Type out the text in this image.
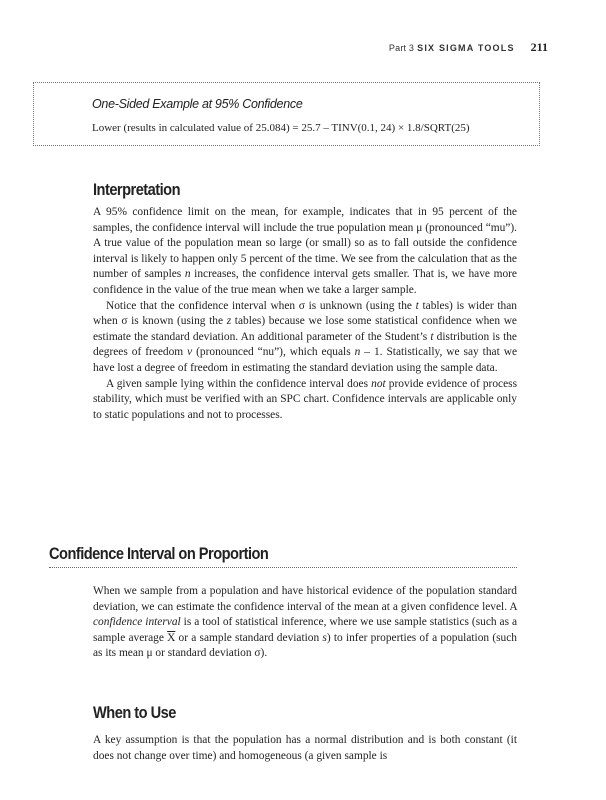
Part 3 SIX SIGMA TOOLS 211
One-Sided Example at 95% Confidence
Lower (results in calculated value of 25.084) = 25.7 – TINV(0.1, 24) × 1.8/SQRT(25)
Interpretation

A 95% confidence limit on the mean, for example, indicates that in 95 percent of the samples, the confidence interval will include the true population mean μ (pronounced “mu”). A true value of the population mean so large (or small) so as to fall outside the confidence interval is likely to happen only 5 percent of the time. We see from the calculation that as the number of samples n increases, the confidence interval gets smaller. That is, we have more confidence in the value of the true mean when we take a larger sample.

Notice that the confidence interval when σ is unknown (using the t tables) is wider than when σ is known (using the z tables) because we lose some statistical confidence when we estimate the standard deviation. An additional parameter of the Student’s t distribution is the degrees of freedom ν (pronounced “nu”), which equals n – 1. Statistically, we say that we have lost a degree of freedom in estimating the standard deviation using the sample data.

A given sample lying within the confidence interval does not provide evidence of process stability, which must be verified with an SPC chart. Confidence intervals are applicable only to static populations and not to processes.

Confidence Interval on Proportion

When we sample from a population and have historical evidence of the population standard deviation, we can estimate the confidence interval of the mean at a given confidence level. A confidence interval is a tool of statistical inference, where we use sample statistics (such as a sample average $\overline{X}$ or a sample standard deviation s) to infer properties of a population (such as its mean μ or standard deviation σ).

When to Use

A key assumption is that the population has a normal distribution and is both constant (it does not change over time) and homogeneous (a given sample is
